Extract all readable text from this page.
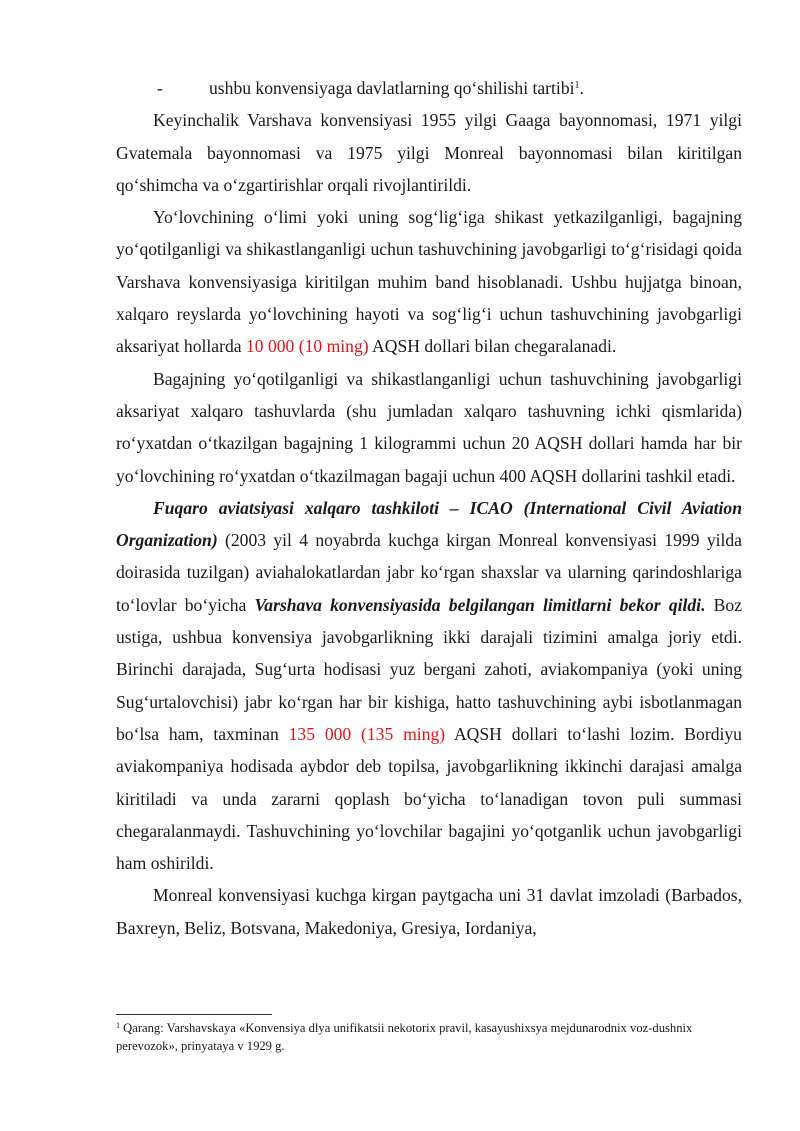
-	ushbu konvensiyaga davlatlarning qo‘shilishi tartibi$^1$.

Keyinchalik Varshava konvensiyasi 1955 yilgi Gaaga bayonnomasi, 1971 yilgi Gvatemala bayonnomasi va 1975 yilgi Monreal bayonnomasi bilan kiritilgan qo‘shimcha va o‘zgartirishlar orqali rivojlantirildi.

Yo‘lovchining o‘limi yoki uning sog‘lig‘iga shikast yetkazilganligi, bagajning yo‘qotilganligi va shikastlanganligi uchun tashuvchining javobgarligi to‘g‘risidagi qoida Varshava konvensiyasiga kiritilgan muhim band hisoblanadi. Ushbu hujjatga binoan, xalqaro reyslarda yo‘lovchining hayoti va sog‘lig‘i uchun tashuvchining javobgarligi aksariyat hollarda 10 000 (10 ming) AQSH dollari bilan chegaralanadi.

Bagajning yo‘qotilganligi va shikastlanganligi uchun tashuvchining javobgarligi aksariyat xalqaro tashuvlarda (shu jumladan xalqaro tashuvning ichki qismlarida) ro‘yxatdan o‘tkazilgan bagajning 1 kilogrammi uchun 20 AQSH dollari hamda har bir yo‘lovchining ro‘yxatdan o‘tkazilmagan bagaji uchun 400 AQSH dollarini tashkil etadi.

Fuqaro aviatsiyasi xalqaro tashkiloti – ICAO (International Civil Aviation Organization) (2003 yil 4 noyabrda kuchga kirgan Monreal konvensiyasi 1999 yilda doirasida tuzilgan) aviahalokatlardan jabr ko‘rgan shaxslar va ularning qarindoshlariga to‘lovlar bo‘yicha Varshava konvensiyasida belgilangan limitlarni bekor qildi. Boz ustiga, ushbua konvensiya javobgarlikning ikki darajali tizimini amalga joriy etdi. Birinchi darajada, Sug‘urta hodisasi yuz bergani zahoti, aviakompaniya (yoki uning Sug‘urtalovchisi) jabr ko‘rgan har bir kishiga, hatto tashuvchining aybi isbotlanmagan bo‘lsa ham, taxminan 135 000 (135 ming) AQSH dollari to‘lashi lozim. Bordiyu aviakompaniya hodisada aybdor deb topilsa, javobgarlikning ikkinchi darajasi amalga kiritiladi va unda zararni qoplash bo‘yicha to‘lanadigan tovon puli summasi chegaralanmaydi. Tashuvchining yo‘lovchilar bagajini yo‘qotganlik uchun javobgarligi ham oshirildi.

Monreal konvensiyasi kuchga kirgan paytgacha uni 31 davlat imzoladi (Barbados, Baxreyn, Beliz, Botsvana, Makedoniya, Gresiya, Iordaniya,

$^1$ Qarang: Varshavskaya «Konvensiya dlya unifikatsii nekotorix pravil, kasayushixsya mejdunarodnix voz-dushnix perevozok», prinyataya v 1929 g.
